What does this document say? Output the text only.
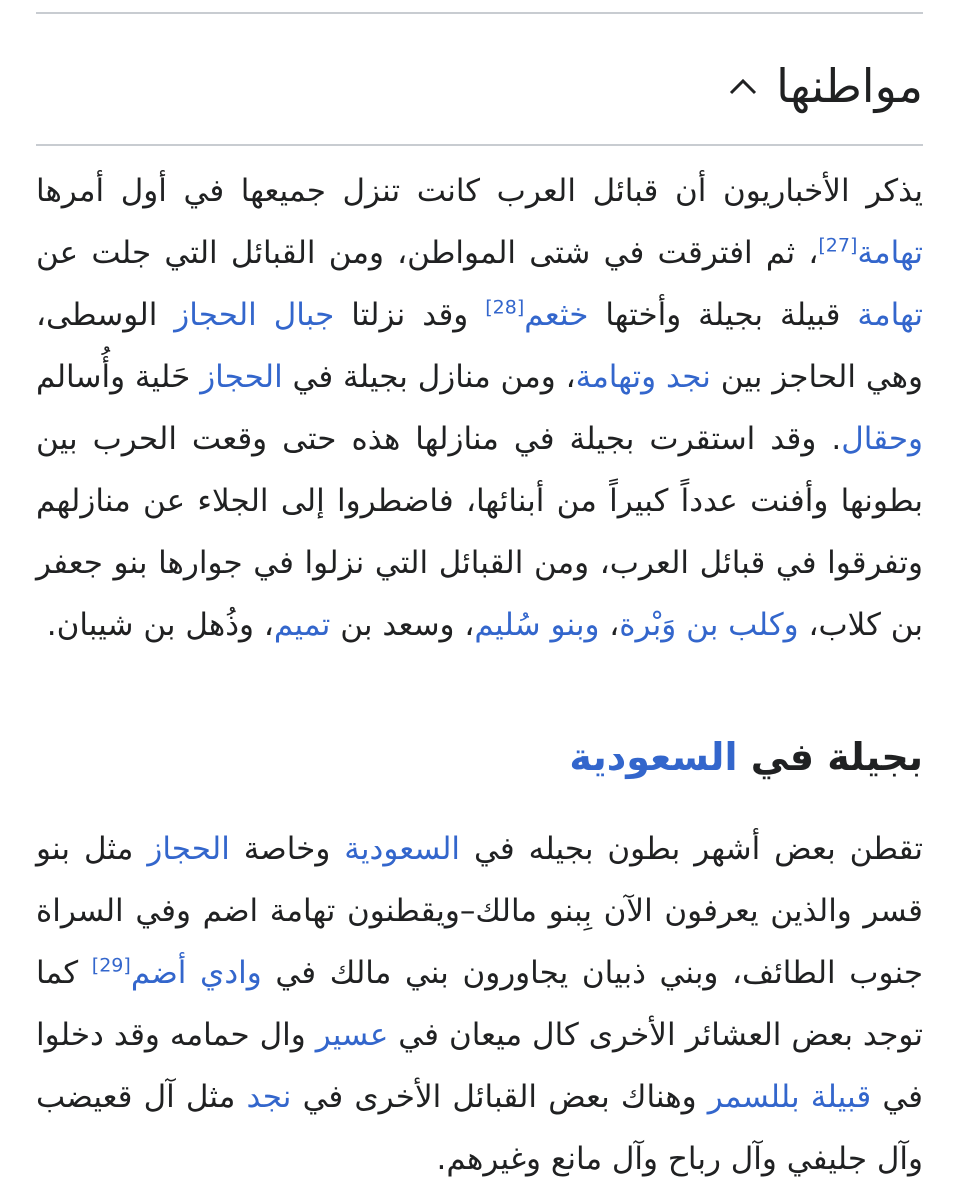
مواطنها

يذكر الأخباريون أن قبائل العرب كانت تنزل جميعها في أول أمرها تهامة[27]، ثم افترقت في شتى المواطن، ومن القبائل التي جلت عن تهامة قبيلة بجيلة وأختها خثعم[28] وقد نزلتا جبال الحجاز الوسطى، وهي الحاجز بين نجد وتهامة، ومن منازل بجيلة في الحجاز حَلية وأُسالم وحقال. وقد استقرت بجيلة في منازلها هذه حتى وقعت الحرب بين بطونها وأفنت عدداً كبيراً من أبنائها، فاضطروا إلى الجلاء عن منازلهم وتفرقوا في قبائل العرب، ومن القبائل التي نزلوا في جوارها بنو جعفر بن كلاب، وكلب بن وَبْرة، وبنو سُليم، وسعد بن تميم، وذُهل بن شيبان.

بجيلة في السعودية

تقطن بعض أشهر بطون بجيله في السعودية وخاصة الحجاز مثل بنو قسر والذين يعرفون الآن بِبنو مالك–ويقطنون تهامة اضم وفي السراة جنوب الطائف، وبني ذبيان يجاورون بني مالك في وادي أضم[29] كما توجد بعض العشائر الأخرى كال ميعان في عسير وال حمامه وقد دخلوا في قبيلة بللسمر وهناك بعض القبائل الأخرى في نجد مثل آل قعيضب وآل جليفي وآل رباح وآل مانع وغيرهم.
